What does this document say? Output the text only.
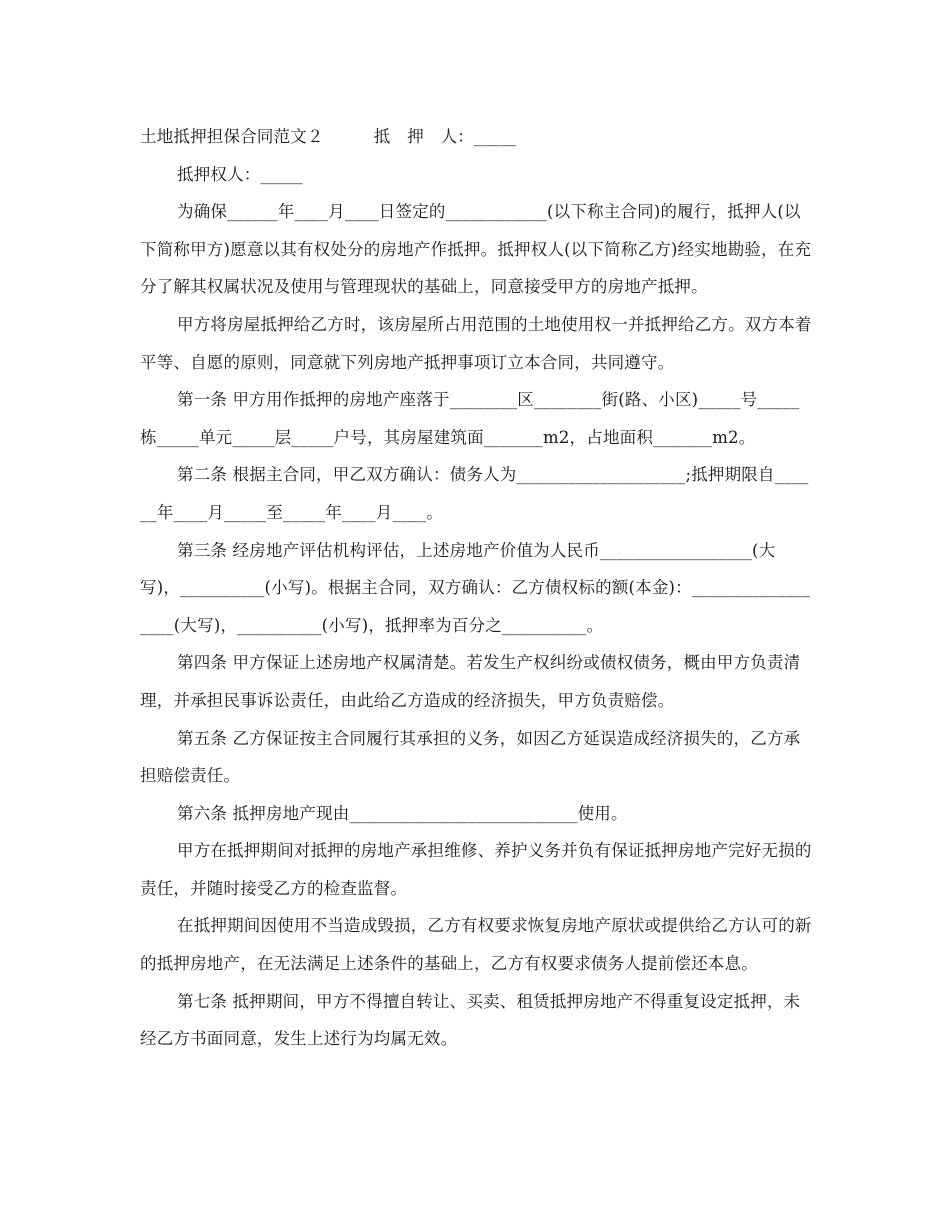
土地抵押担保合同范文２　　　抵　押　人：_____

抵押权人：_____

为确保______年____月____日签定的____________(以下称主合同)的履行，抵押人(以下简称甲方)愿意以其有权处分的房地产作抵押。抵押权人(以下简称乙方)经实地勘验，在充分了解其权属状况及使用与管理现状的基础上，同意接受甲方的房地产抵押。

甲方将房屋抵押给乙方时，该房屋所占用范围的土地使用权一并抵押给乙方。双方本着平等、自愿的原则，同意就下列房地产抵押事项订立本合同，共同遵守。

第一条 甲方用作抵押的房地产座落于________区________街(路、小区)_____号_____栋_____单元_____层_____户号，其房屋建筑面_______m2，占地面积_______m2。

第二条 根据主合同，甲乙双方确认：债务人为____________________;抵押期限自______年____月_____至_____年____月____。

第三条 经房地产评估机构评估，上述房地产价值为人民币__________________(大写)，__________(小写)。根据主合同，双方确认：乙方债权标的额(本金)：__________________(大写)，__________(小写)，抵押率为百分之__________。

第四条 甲方保证上述房地产权属清楚。若发生产权纠纷或债权债务，概由甲方负责清理，并承担民事诉讼责任，由此给乙方造成的经济损失，甲方负责赔偿。

第五条 乙方保证按主合同履行其承担的义务，如因乙方延误造成经济损失的，乙方承担赔偿责任。

第六条 抵押房地产现由___________________________使用。

甲方在抵押期间对抵押的房地产承担维修、养护义务并负有保证抵押房地产完好无损的责任，并随时接受乙方的检查监督。

在抵押期间因使用不当造成毁损，乙方有权要求恢复房地产原状或提供给乙方认可的新的抵押房地产，在无法满足上述条件的基础上，乙方有权要求债务人提前偿还本息。

第七条 抵押期间，甲方不得擅自转让、买卖、租赁抵押房地产不得重复设定抵押，未经乙方书面同意，发生上述行为均属无效。
